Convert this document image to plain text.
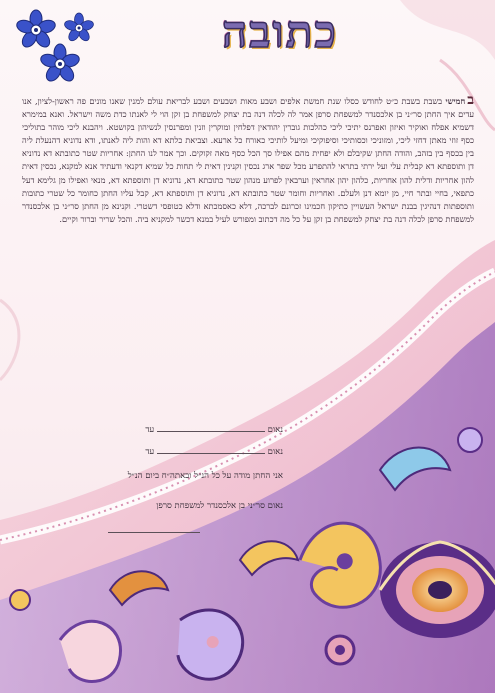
כתובה
בחמישי בשבת בשבת כ״ט לחודש כסלו שנת חמשת אלפים ושבע מאות ושבעים ושבע לבריאת עולם למנין שאנו מונים פה ראשון-לציון, אנו עדים איך החתן סר״ני בן אלכסנדר למשפחת סרפן אמר לה לכלה דנה בת יצחק למשפחת בן זקן הוי לי לאנתו כדת משה וישראל. ואנא במימרא דשמיא אפלח ואוקיר ואיזון ואפרנס יתיכי ליכי כהלכות גוברין יהודאין דפלחין ומוקרין וזנין ומפרנסין לנשיהון בקושטא. ויהבנא ליכי מוהר בתוליכי כסף זוזי מאתן דחזי ליכי, ומזוניכי וכסותיכי וסיפוקיכי ומיעל לותיכי כאורח כל ארעא. וצביאת כלתא דא והות ליה לאנתו, ודא נדוניא דהנעלת ליה בין בכסף בין בזהב, והודה החתן שקיבלם ולא יפחית מהם אפילו סך הכל כסף מאה זקוקים. וכך אמר לנו החתן: אחריות שטר כתובתא דא נדוניא דן ותוספתא דא קבלית עלי ועל ירתי בתראי להתפרע מכל שפר ארג נכסין וקנינין דאית לי תחות כל שמיא דקנאי ודעתיד אנא למקנא, נכסין דאית להון אחריות ודלית להון אחריות, כלהון יהון אחראין וערבאין לפרוע מנהון שטר כתובתא דא, נדוניא דן ותוספתא דא, מנאי ואפילו מן גלימא דעל כתפאי, בחיי ובתר חיי, מן יומא דנן ולעלם. ואחריות וחומר שטר כתובתא דא, נדוניא דן ותוספתא דא, קבל עליו החתן כחומר כל שטרי כתובות ותוספתות דנהיגין בבנת ישראל העשויין כתיקון חכמינו זכרונם לברכה, דלא כאסמכתא ודלא כטופסי דשטרי. וקנינא מן החתן סר״ני בן אלכסנדר למשפחת סרפן לכלה דנה בת יצחק למשפחת בן זקן על כל מה דכתוב ומפורש לעיל במנא דכשר למקניא ביה. והכל שריר וברור וקיים.
נאום  עד
נאום  עד
אני החתן מודה על כל הנ״ל ובאתה״ח ביום הנ״ל
נאום סר״ני בן אלכסנדר למשפחת סרפן
